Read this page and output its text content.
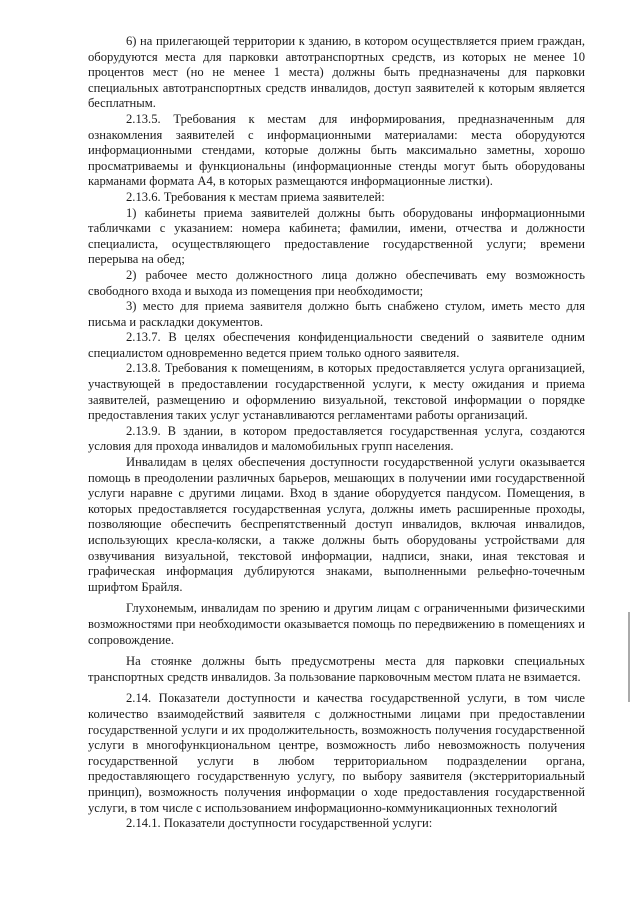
6) на прилегающей территории к зданию, в котором осуществляется прием граждан, оборудуются места для парковки автотранспортных средств, из которых не менее 10 процентов мест (но не менее 1 места) должны быть предназначены для парковки специальных автотранспортных средств инвалидов, доступ заявителей к которым является бесплатным.

2.13.5. Требования к местам для информирования, предназначенным для ознакомления заявителей с информационными материалами: места оборудуются информационными стендами, которые должны быть максимально заметны, хорошо просматриваемы и функциональны (информационные стенды могут быть оборудованы карманами формата А4, в которых размещаются информационные листки).

2.13.6. Требования к местам приема заявителей:

1) кабинеты приема заявителей должны быть оборудованы информационными табличками с указанием: номера кабинета; фамилии, имени, отчества и должности специалиста, осуществляющего предоставление государственной услуги; времени перерыва на обед;

2) рабочее место должностного лица должно обеспечивать ему возможность свободного входа и выхода из помещения при необходимости;

3) место для приема заявителя должно быть снабжено стулом, иметь место для письма и раскладки документов.

2.13.7. В целях обеспечения конфиденциальности сведений о заявителе одним специалистом одновременно ведется прием только одного заявителя.

2.13.8. Требования к помещениям, в которых предоставляется услуга организацией, участвующей в предоставлении государственной услуги, к месту ожидания и приема заявителей, размещению и оформлению визуальной, текстовой информации о порядке предоставления таких услуг устанавливаются регламентами работы организаций.

2.13.9. В здании, в котором предоставляется государственная услуга, создаются условия для прохода инвалидов и маломобильных групп населения.

Инвалидам в целях обеспечения доступности государственной услуги оказывается помощь в преодолении различных барьеров, мешающих в получении ими государственной услуги наравне с другими лицами. Вход в здание оборудуется пандусом. Помещения, в которых предоставляется государственная услуга, должны иметь расширенные проходы, позволяющие обеспечить беспрепятственный доступ инвалидов, включая инвалидов, использующих кресла-коляски, а также должны быть оборудованы устройствами для озвучивания визуальной, текстовой информации, надписи, знаки, иная текстовая и графическая информация дублируются знаками, выполненными рельефно-точечным шрифтом Брайля.

Глухонемым, инвалидам по зрению и другим лицам с ограниченными физическими возможностями при необходимости оказывается помощь по передвижению в помещениях и сопровождение.

На стоянке должны быть предусмотрены места для парковки специальных транспортных средств инвалидов. За пользование парковочным местом плата не взимается.

2.14. Показатели доступности и качества государственной услуги, в том числе количество взаимодействий заявителя с должностными лицами при предоставлении государственной услуги и их продолжительность, возможность получения государственной услуги в многофункциональном центре, возможность либо невозможность получения государственной услуги в любом территориальном подразделении органа, предоставляющего государственную услугу, по выбору заявителя (экстерриториальный принцип), возможность получения информации о ходе предоставления государственной услуги, в том числе с использованием информационно-коммуникационных технологий

2.14.1. Показатели доступности государственной услуги:
